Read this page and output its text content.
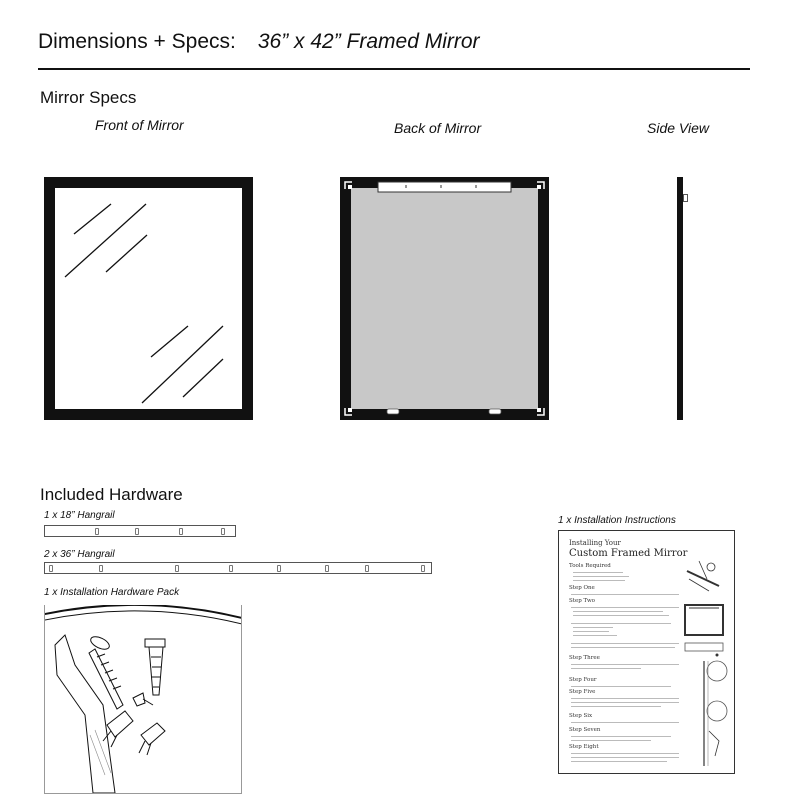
Dimensions + Specs: 36” x 42” Framed Mirror
Mirror Specs
Front of Mirror	Back of Mirror	Side View
Included Hardware
1 x 18” Hangrail
2 x 36” Hangrail
1 x Installation Hardware Pack
1 x Installation Instructions
Installing Your
Custom Framed Mirror
Tools Required
Step One
Step Two
Step Three
Step Four
Step Five
Step Six
Step Seven
Step Eight
